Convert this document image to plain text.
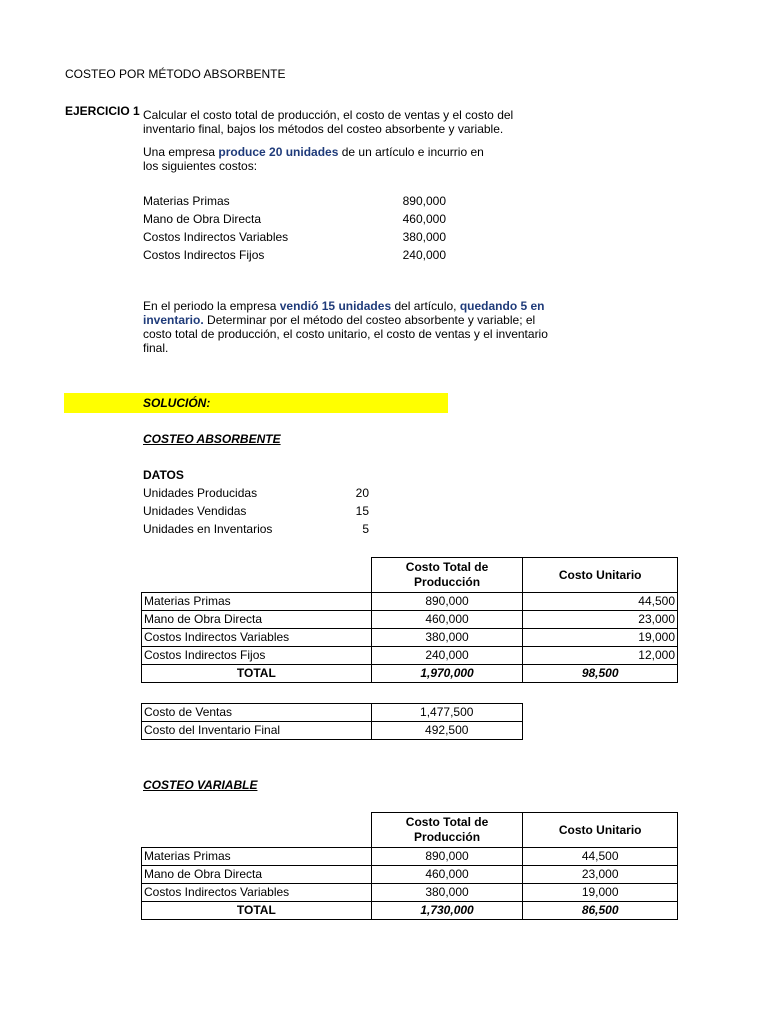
COSTEO POR MÉTODO ABSORBENTE
EJERCICIO 1 Calcular el costo total de producción, el costo de ventas y el costo del
inventario final, bajos los métodos del costeo absorbente y variable.
Una empresa produce 20 unidades de un artículo e incurrio en
los siguientes costos:
Materias Primas	890,000
Mano de Obra Directa	460,000
Costos Indirectos Variables	380,000
Costos Indirectos Fijos	240,000
En el periodo la empresa vendió 15 unidades del artículo, quedando 5 en
inventario. Determinar por el método del costeo absorbente y variable; el
costo total de producción, el costo unitario, el costo de ventas y el inventario
final.
SOLUCIÓN:
COSTEO ABSORBENTE
DATOS
Unidades Producidas	20
Unidades Vendidas	15
Unidades en Inventarios	5
	Costo Total de Producción	Costo Unitario
Materias Primas	890,000	44,500
Mano de Obra Directa	460,000	23,000
Costos Indirectos Variables	380,000	19,000
Costos Indirectos Fijos	240,000	12,000
TOTAL	1,970,000	98,500
Costo de Ventas	1,477,500
Costo del Inventario Final	492,500
COSTEO VARIABLE
	Costo Total de Producción	Costo Unitario
Materias Primas	890,000	44,500
Mano de Obra Directa	460,000	23,000
Costos Indirectos Variables	380,000	19,000
TOTAL	1,730,000	86,500
